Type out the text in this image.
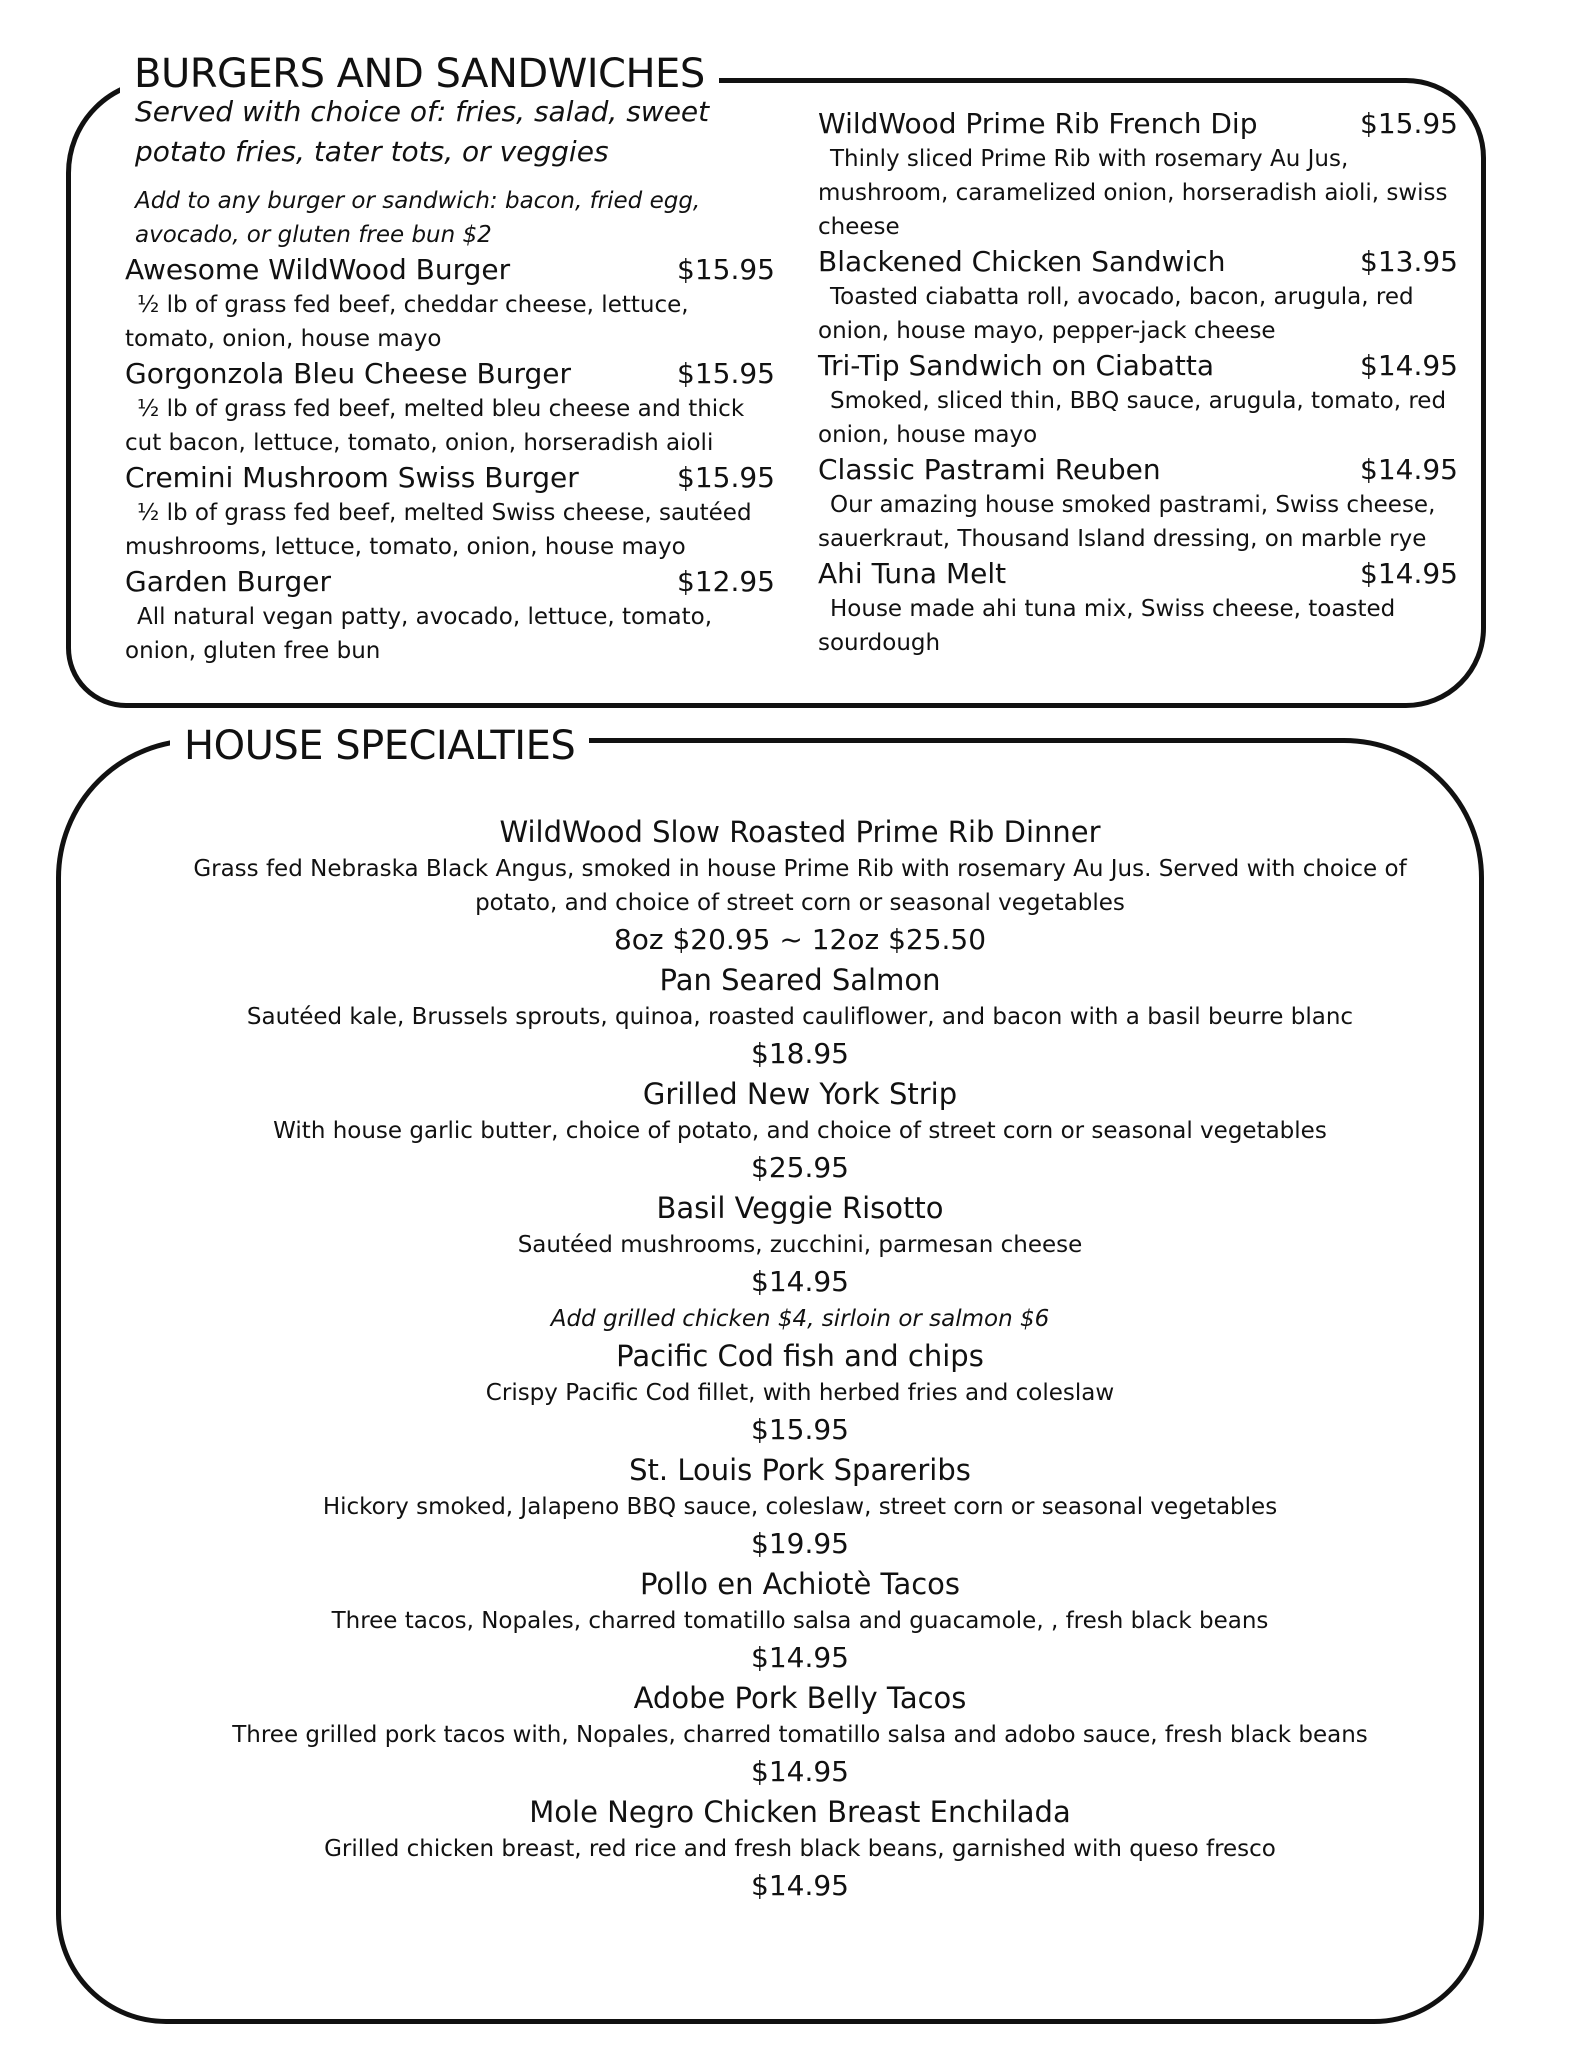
BURGERS AND SANDWICHES
Served with choice of: fries, salad, sweet potato fries, tater tots, or veggies
Add to any burger or sandwich: bacon, fried egg, avocado, or gluten free bun $2
Awesome WildWood Burger	$15.95
½ lb of grass fed beef, cheddar cheese, lettuce, tomato, onion, house mayo
Gorgonzola Bleu Cheese Burger	$15.95
½ lb of grass fed beef, melted bleu cheese and thick cut bacon, lettuce, tomato, onion, horseradish aioli
Cremini Mushroom Swiss Burger	$15.95
½ lb of grass fed beef, melted Swiss cheese, sautéed mushrooms, lettuce, tomato, onion, house mayo
Garden Burger	$12.95
All natural vegan patty, avocado, lettuce, tomato, onion, gluten free bun
WildWood Prime Rib French Dip	$15.95
Thinly sliced Prime Rib with rosemary Au Jus, mushroom, caramelized onion, horseradish aioli, swiss cheese
Blackened Chicken Sandwich	$13.95
Toasted ciabatta roll, avocado, bacon, arugula, red onion, house mayo, pepper-jack cheese
Tri-Tip Sandwich on Ciabatta	$14.95
Smoked, sliced thin, BBQ sauce, arugula, tomato, red onion, house mayo
Classic Pastrami Reuben	$14.95
Our amazing house smoked pastrami, Swiss cheese, sauerkraut, Thousand Island dressing, on marble rye
Ahi Tuna Melt	$14.95
House made ahi tuna mix, Swiss cheese, toasted sourdough
HOUSE SPECIALTIES
WildWood Slow Roasted Prime Rib Dinner
Grass fed Nebraska Black Angus, smoked in house Prime Rib with rosemary Au Jus. Served with choice of potato, and choice of street corn or seasonal vegetables
8oz $20.95 ~ 12oz $25.50
Pan Seared Salmon
Sautéed kale, Brussels sprouts, quinoa, roasted cauliflower, and bacon with a basil beurre blanc
$18.95
Grilled New York Strip
With house garlic butter, choice of potato, and choice of street corn or seasonal vegetables
$25.95
Basil Veggie Risotto
Sautéed mushrooms, zucchini, parmesan cheese
$14.95
Add grilled chicken $4, sirloin or salmon $6
Pacific Cod fish and chips
Crispy Pacific Cod fillet, with herbed fries and coleslaw
$15.95
St. Louis Pork Spareribs
Hickory smoked, Jalapeno BBQ sauce, coleslaw, street corn or seasonal vegetables
$19.95
Pollo en Achiotè Tacos
Three tacos, Nopales, charred tomatillo salsa and guacamole, , fresh black beans
$14.95
Adobe Pork Belly Tacos
Three grilled pork tacos with, Nopales, charred tomatillo salsa and adobo sauce, fresh black beans
$14.95
Mole Negro Chicken Breast Enchilada
Grilled chicken breast, red rice and fresh black beans, garnished with queso fresco
$14.95
